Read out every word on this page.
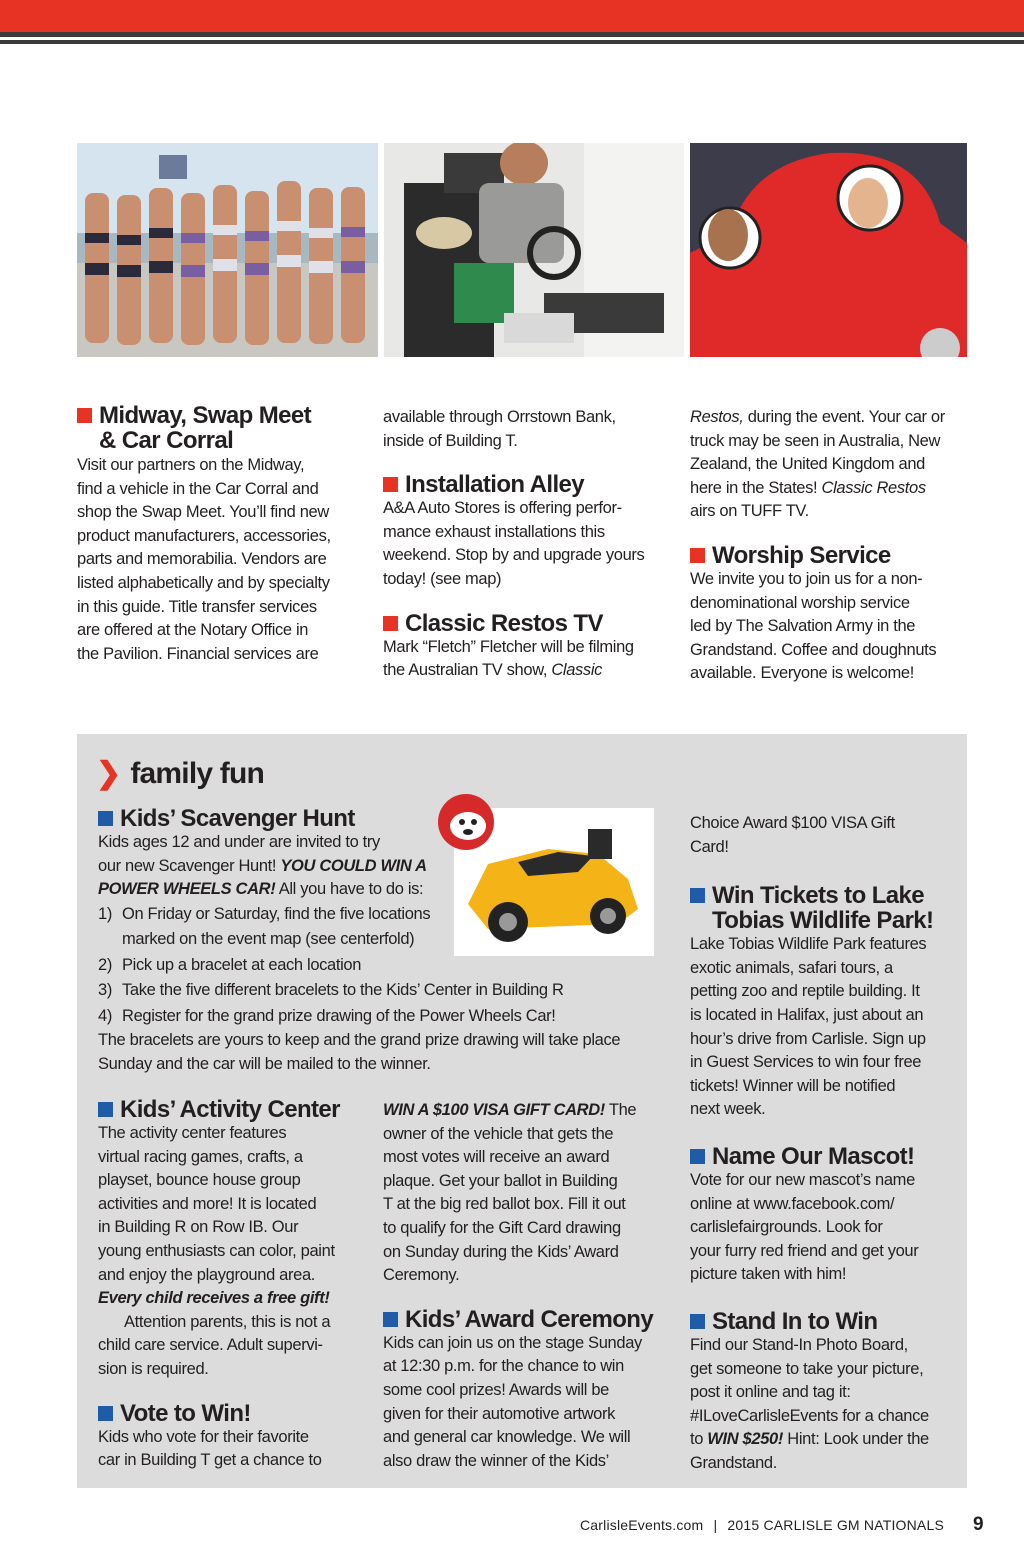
Midway, Swap Meet
& Car Corral

Visit our partners on the Midway,
find a vehicle in the Car Corral and
shop the Swap Meet. You’ll find new
product manufacturers, accessories,
parts and memorabilia. Vendors are
listed alphabetically and by specialty
in this guide. Title transfer services
are offered at the Notary Office in
the Pavilion. Financial services are

available through Orrstown Bank,
inside of Building T.

Installation Alley

A&A Auto Stores is offering perfor-
mance exhaust installations this
weekend. Stop by and upgrade yours
today! (see map)

Classic Restos TV

Mark “Fletch” Fletcher will be filming
the Australian TV show, Classic

Restos, during the event. Your car or
truck may be seen in Australia, New
Zealand, the United Kingdom and
here in the States! Classic Restos
airs on TUFF TV.

Worship Service

We invite you to join us for a non-
denominational worship service
led by The Salvation Army in the
Grandstand. Coffee and doughnuts
available. Everyone is welcome!

❯ family fun
Kids’ Scavenger Hunt

Kids ages 12 and under are invited to try
our new Scavenger Hunt! YOU COULD WIN A
POWER WHEELS CAR! All you have to do is:

1) On Friday or Saturday, find the five locations
marked on the event map (see centerfold)
2) Pick up a bracelet at each location
3) Take the five different bracelets to the Kids’ Center in Building R
4) Register for the grand prize drawing of the Power Wheels Car!

The bracelets are yours to keep and the grand prize drawing will take place
Sunday and the car will be mailed to the winner.

Kids’ Activity Center

The activity center features
virtual racing games, crafts, a
playset, bounce house group
activities and more! It is located
in Building R on Row IB. Our
young enthusiasts can color, paint
and enjoy the playground area.
Every child receives a free gift!
Attention parents, this is not a
child care service. Adult supervi-
sion is required.

Vote to Win!

Kids who vote for their favorite
car in Building T get a chance to

WIN A $100 VISA GIFT CARD! The
owner of the vehicle that gets the
most votes will receive an award
plaque. Get your ballot in Building
T at the big red ballot box. Fill it out
to qualify for the Gift Card drawing
on Sunday during the Kids’ Award
Ceremony.

Kids’ Award Ceremony

Kids can join us on the stage Sunday
at 12:30 p.m. for the chance to win
some cool prizes! Awards will be
given for their automotive artwork
and general car knowledge. We will
also draw the winner of the Kids’

Choice Award $100 VISA Gift
Card!

Win Tickets to Lake
Tobias Wildlife Park!

Lake Tobias Wildlife Park features
exotic animals, safari tours, a
petting zoo and reptile building. It
is located in Halifax, just about an
hour’s drive from Carlisle. Sign up
in Guest Services to win four free
tickets! Winner will be notified
next week.

Name Our Mascot!

Vote for our new mascot’s name
online at www.facebook.com/
carlislefairgrounds. Look for
your furry red friend and get your
picture taken with him!

Stand In to Win

Find our Stand-In Photo Board,
get someone to take your picture,
post it online and tag it:
#ILoveCarlisleEvents for a chance
to WIN $250! Hint: Look under the
Grandstand.

CarlisleEvents.com | 2015 CARLISLE GM NATIONALS 9
